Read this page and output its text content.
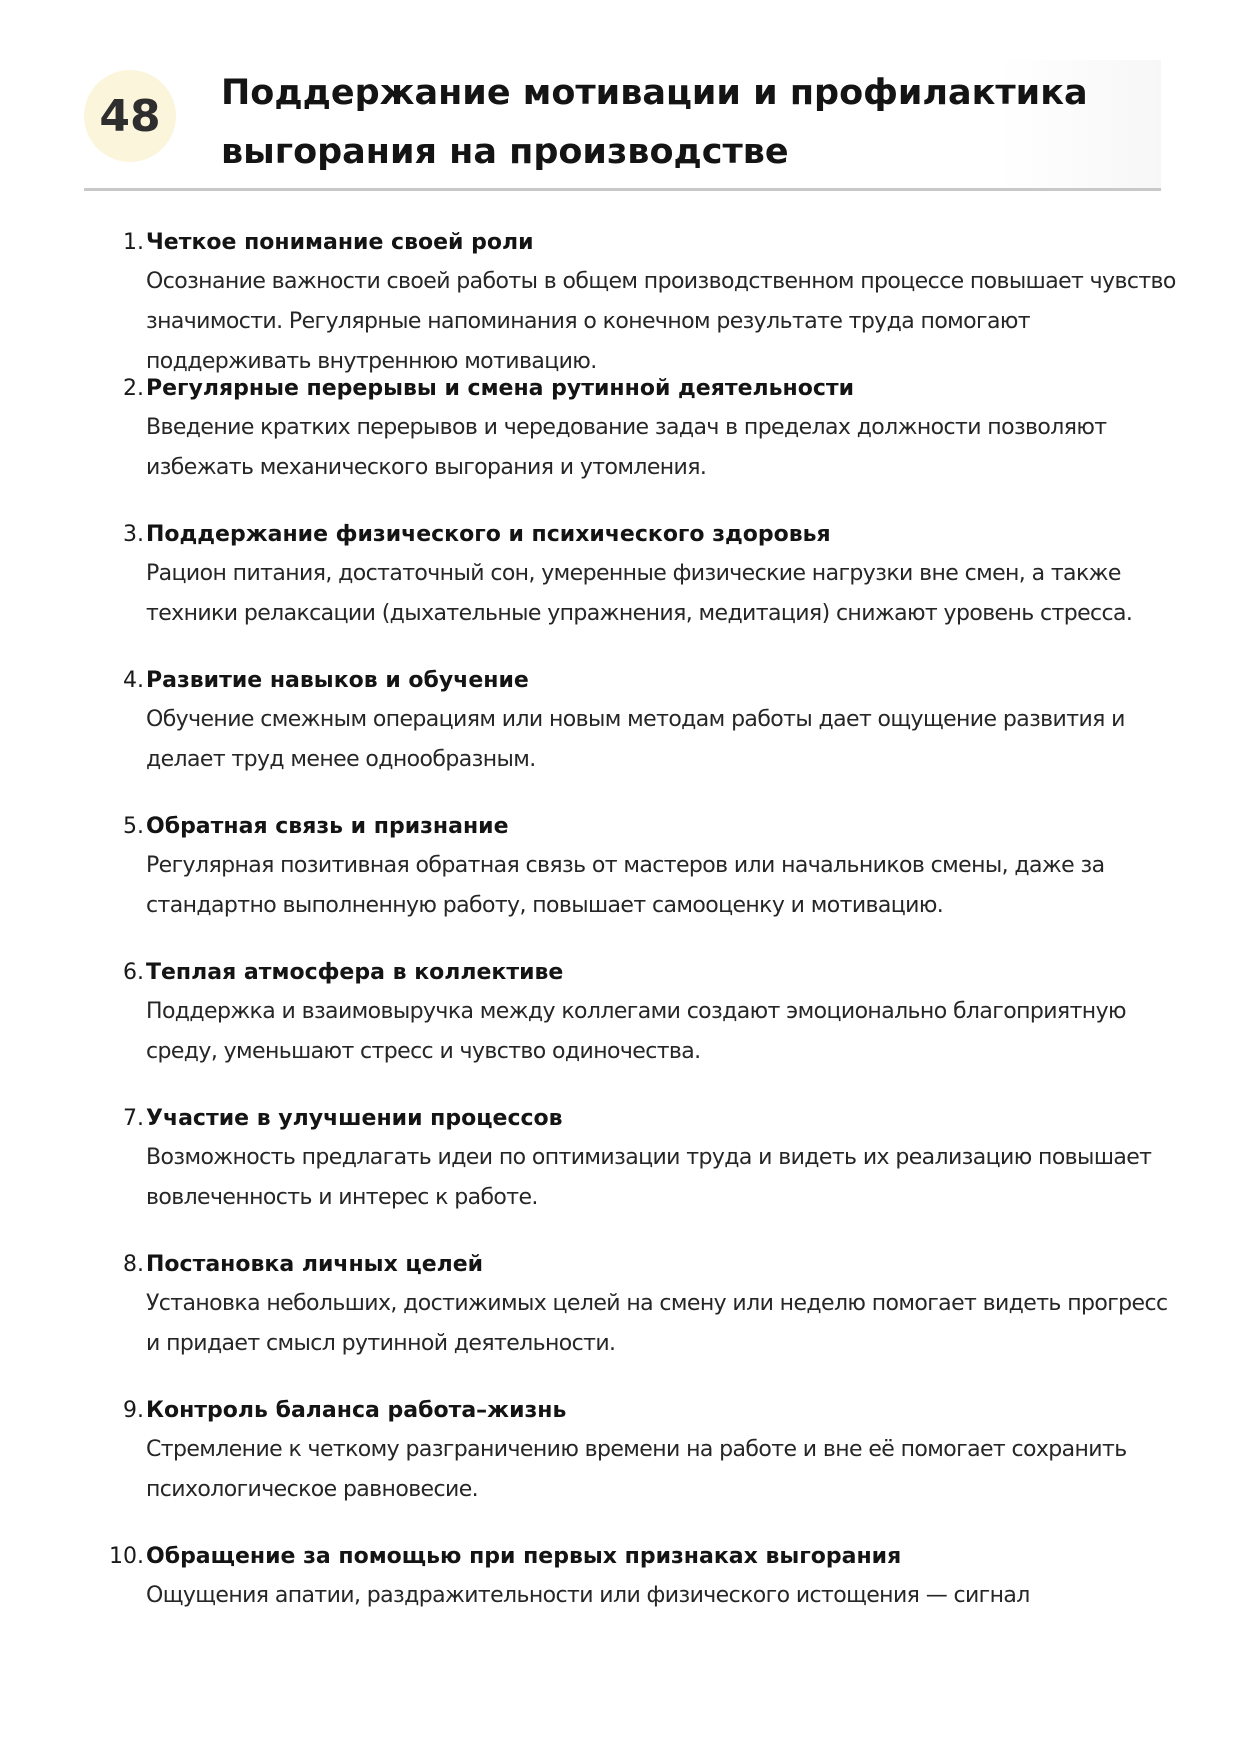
48	Поддержание мотивации и профилактика
выгорания на производстве
1. Четкое понимание своей роли
Осознание важности своей работы в общем производственном процессе повышает чувство значимости. Регулярные напоминания о конечном результате труда помогают поддерживать внутреннюю мотивацию.
2. Регулярные перерывы и смена рутинной деятельности
Введение кратких перерывов и чередование задач в пределах должности позволяют избежать механического выгорания и утомления.
3. Поддержание физического и психического здоровья
Рацион питания, достаточный сон, умеренные физические нагрузки вне смен, а также техники релаксации (дыхательные упражнения, медитация) снижают уровень стресса.
4. Развитие навыков и обучение
Обучение смежным операциям или новым методам работы дает ощущение развития и делает труд менее однообразным.
5. Обратная связь и признание
Регулярная позитивная обратная связь от мастеров или начальников смены, даже за стандартно выполненную работу, повышает самооценку и мотивацию.
6. Теплая атмосфера в коллективе
Поддержка и взаимовыручка между коллегами создают эмоционально благоприятную среду, уменьшают стресс и чувство одиночества.
7. Участие в улучшении процессов
Возможность предлагать идеи по оптимизации труда и видеть их реализацию повышает вовлеченность и интерес к работе.
8. Постановка личных целей
Установка небольших, достижимых целей на смену или неделю помогает видеть прогресс и придает смысл рутинной деятельности.
9. Контроль баланса работа–жизнь
Стремление к четкому разграничению времени на работе и вне её помогает сохранить психологическое равновесие.
10. Обращение за помощью при первых признаках выгорания
Ощущения апатии, раздражительности или физического истощения — сигнал
